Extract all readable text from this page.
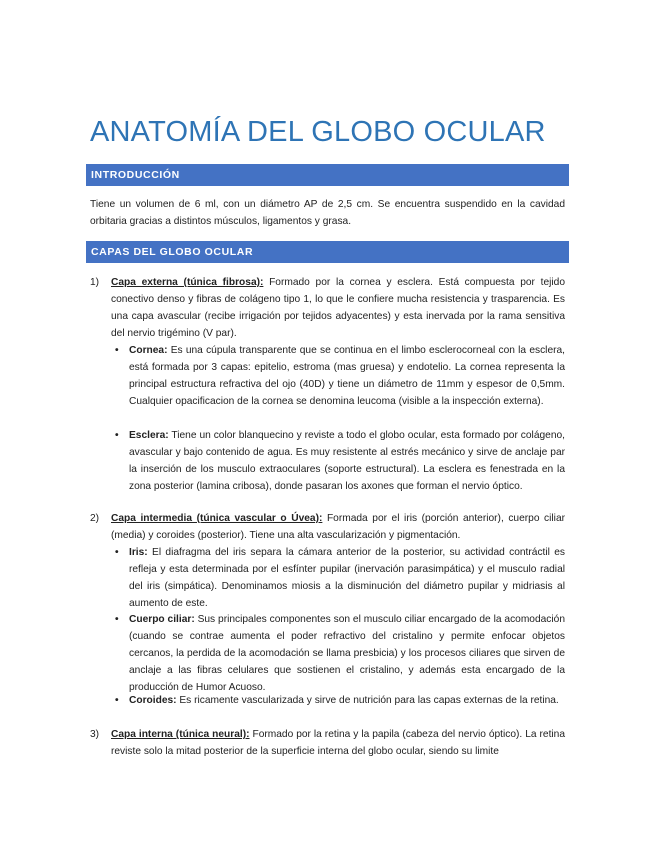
ANATOMÍA DEL GLOBO OCULAR
INTRODUCCIÓN
Tiene un volumen de 6 ml, con un diámetro AP de 2,5 cm. Se encuentra suspendido en la cavidad orbitaria gracias a distintos músculos, ligamentos y grasa.
CAPAS DEL GLOBO OCULAR
1)	Capa externa (túnica fibrosa): Formado por la cornea y esclera. Está compuesta por tejido conectivo denso y fibras de colágeno tipo 1, lo que le confiere mucha resistencia y trasparencia. Es una capa avascular (recibe irrigación por tejidos adyacentes) y esta inervada por la rama sensitiva del nervio trigémino (V par).
•	Cornea: Es una cúpula transparente que se continua en el limbo esclerocorneal con la esclera, está formada por 3 capas: epitelio, estroma (mas gruesa) y endotelio. La cornea representa la principal estructura refractiva del ojo (40D) y tiene un diámetro de 11mm y espesor de 0,5mm. Cualquier opacificacion de la cornea se denomina leucoma (visible a la inspección externa).
•	Esclera: Tiene un color blanquecino y reviste a todo el globo ocular, esta formado por colágeno, avascular y bajo contenido de agua. Es muy resistente al estrés mecánico y sirve de anclaje par la inserción de los musculo extraoculares (soporte estructural). La esclera es fenestrada en la zona posterior (lamina cribosa), donde pasaran los axones que forman el nervio óptico.
2)	Capa intermedia (túnica vascular o Úvea): Formada por el iris (porción anterior), cuerpo ciliar (media) y coroides (posterior). Tiene una alta vascularización y pigmentación.
•	Iris: El diafragma del iris separa la cámara anterior de la posterior, su actividad contráctil es refleja y esta determinada por el esfínter pupilar (inervación parasimpática) y el musculo radial del iris (simpática). Denominamos miosis a la disminución del diámetro pupilar y midriasis al aumento de este.
•	Cuerpo ciliar: Sus principales componentes son el musculo ciliar encargado de la acomodación (cuando se contrae aumenta el poder refractivo del cristalino y permite enfocar objetos cercanos, la perdida de la acomodación se llama presbicia) y los procesos ciliares que sirven de anclaje a las fibras celulares que sostienen el cristalino, y además esta encargado de la producción de Humor Acuoso.
•	Coroides: Es ricamente vascularizada y sirve de nutrición para las capas externas de la retina.
3)	Capa interna (túnica neural): Formado por la retina y la papila (cabeza del nervio óptico). La retina reviste solo la mitad posterior de la superficie interna del globo ocular, siendo su limite
